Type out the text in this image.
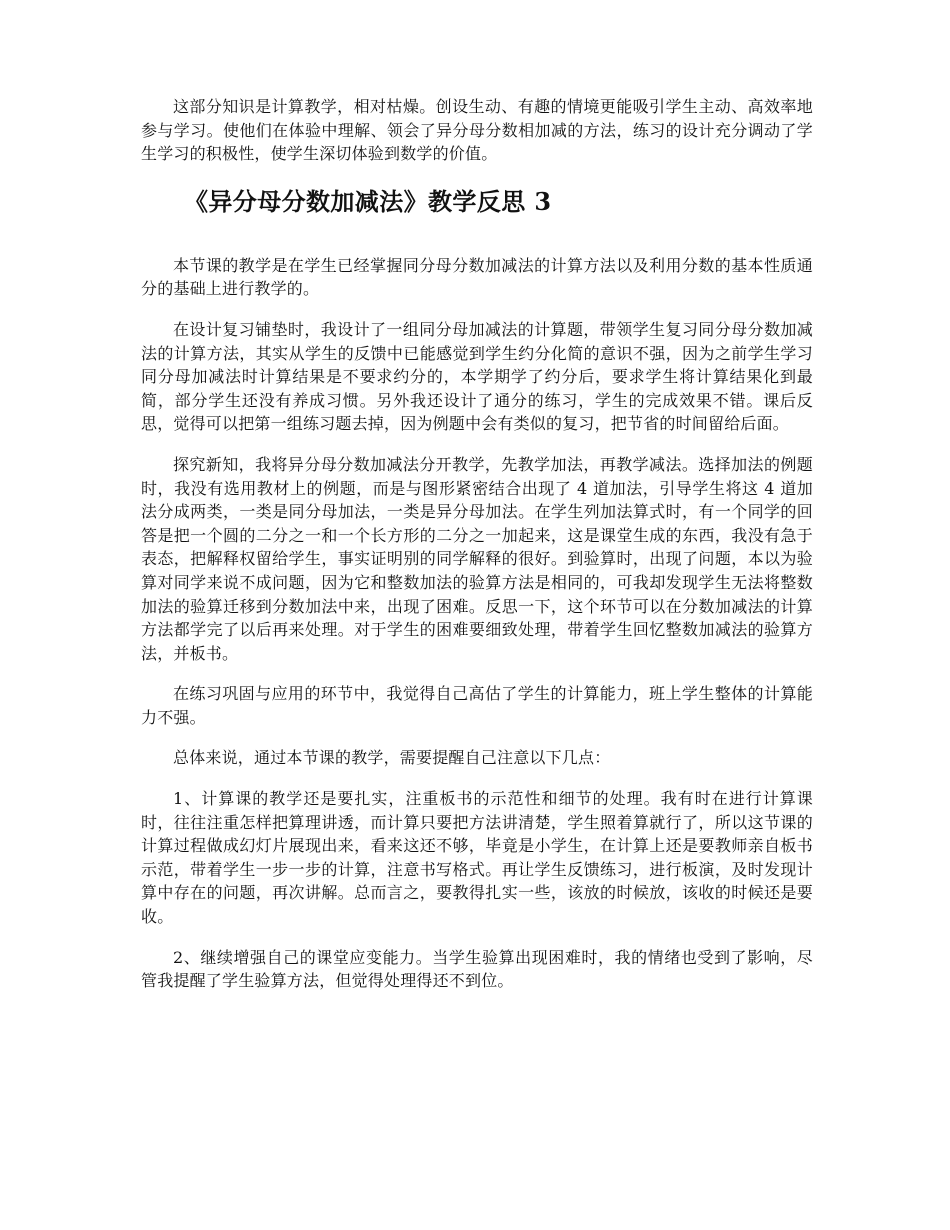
这部分知识是计算教学，相对枯燥。创设生动、有趣的情境更能吸引学生主动、高效率地参与学习。使他们在体验中理解、领会了异分母分数相加减的方法，练习的设计充分调动了学生学习的积极性，使学生深切体验到数学的价值。

《异分母分数加减法》教学反思 3

本节课的教学是在学生已经掌握同分母分数加减法的计算方法以及利用分数的基本性质通分的基础上进行教学的。

在设计复习铺垫时，我设计了一组同分母加减法的计算题，带领学生复习同分母分数加减法的计算方法，其实从学生的反馈中已能感觉到学生约分化简的意识不强，因为之前学生学习同分母加减法时计算结果是不要求约分的，本学期学了约分后，要求学生将计算结果化到最简，部分学生还没有养成习惯。另外我还设计了通分的练习，学生的完成效果不错。课后反思，觉得可以把第一组练习题去掉，因为例题中会有类似的复习，把节省的时间留给后面。

探究新知，我将异分母分数加减法分开教学，先教学加法，再教学减法。选择加法的例题时，我没有选用教材上的例题，而是与图形紧密结合出现了 4 道加法，引导学生将这 4 道加法分成两类，一类是同分母加法，一类是异分母加法。在学生列加法算式时，有一个同学的回答是把一个圆的二分之一和一个长方形的二分之一加起来，这是课堂生成的东西，我没有急于表态，把解释权留给学生，事实证明别的同学解释的很好。到验算时，出现了问题，本以为验算对同学来说不成问题，因为它和整数加法的验算方法是相同的，可我却发现学生无法将整数加法的验算迁移到分数加法中来，出现了困难。反思一下，这个环节可以在分数加减法的计算方法都学完了以后再来处理。对于学生的困难要细致处理，带着学生回忆整数加减法的验算方法，并板书。

在练习巩固与应用的环节中，我觉得自己高估了学生的计算能力，班上学生整体的计算能力不强。

总体来说，通过本节课的教学，需要提醒自己注意以下几点：

1、计算课的教学还是要扎实，注重板书的示范性和细节的处理。我有时在进行计算课时，往往注重怎样把算理讲透，而计算只要把方法讲清楚，学生照着算就行了，所以这节课的计算过程做成幻灯片展现出来，看来这还不够，毕竟是小学生，在计算上还是要教师亲自板书示范，带着学生一步一步的计算，注意书写格式。再让学生反馈练习，进行板演，及时发现计算中存在的问题，再次讲解。总而言之，要教得扎实一些，该放的时候放，该收的时候还是要收。

2、继续增强自己的课堂应变能力。当学生验算出现困难时，我的情绪也受到了影响，尽管我提醒了学生验算方法，但觉得处理得还不到位。
